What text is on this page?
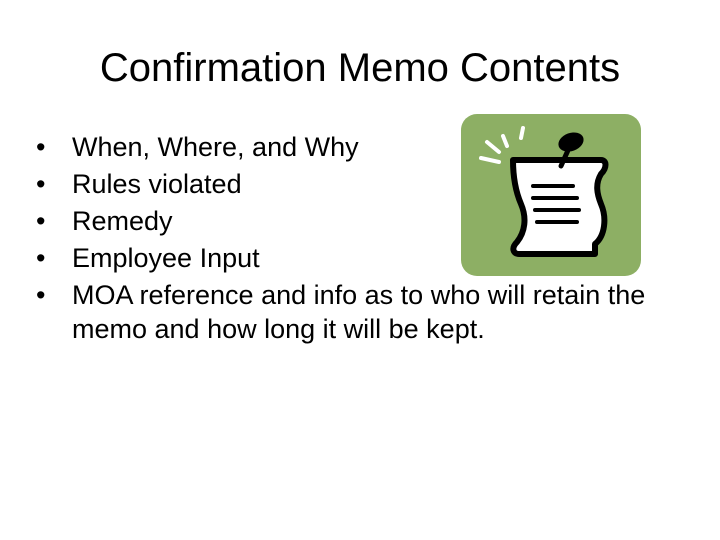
Confirmation Memo Contents
• When, Where, and Why
• Rules violated
• Remedy
• Employee Input
• MOA reference and info as to who will retain the memo and how long it will be kept.
